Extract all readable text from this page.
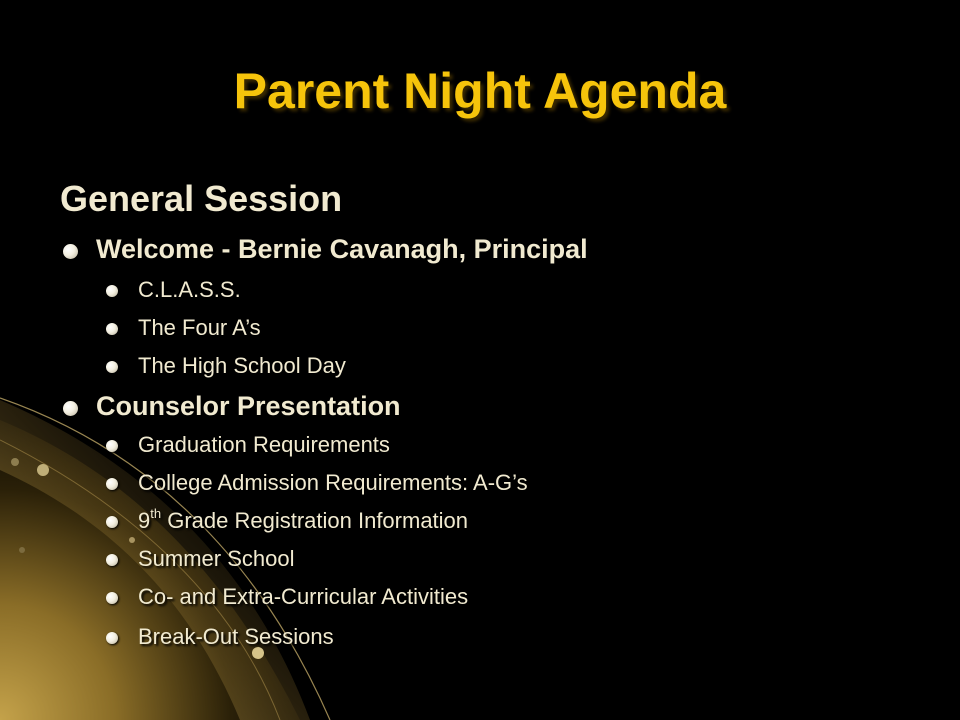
Parent Night Agenda
General Session
Welcome - Bernie Cavanagh, Principal
C.L.A.S.S.
The Four A’s
The High School Day
Counselor Presentation
Graduation Requirements
College Admission Requirements: A-G’s
9th Grade Registration Information
Summer School
Co- and Extra-Curricular Activities
Break-Out Sessions
